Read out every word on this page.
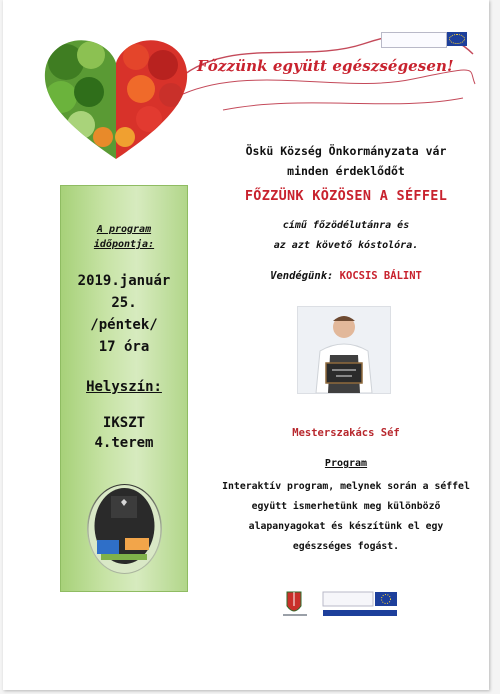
Főzzünk együtt egészségesen!
A program
időpontja:
2019.január
25.
/péntek/
17 óra
Helyszín:
IKSZT
4.terem
Öskü Község Önkormányzata vár
minden érdeklődőt
FŐZZÜNK KÖZÖSEN A SÉFFEL
című főzödélutánra és
az azt követő kóstolóra.
Vendégünk: KOCSIS BÁLINT
Mesterszakács Séf
Program
Interaktív program, melynek során a séffel
együtt ismerhetünk meg különböző
alapanyagokat és készítünk el egy
egészséges fogást.
